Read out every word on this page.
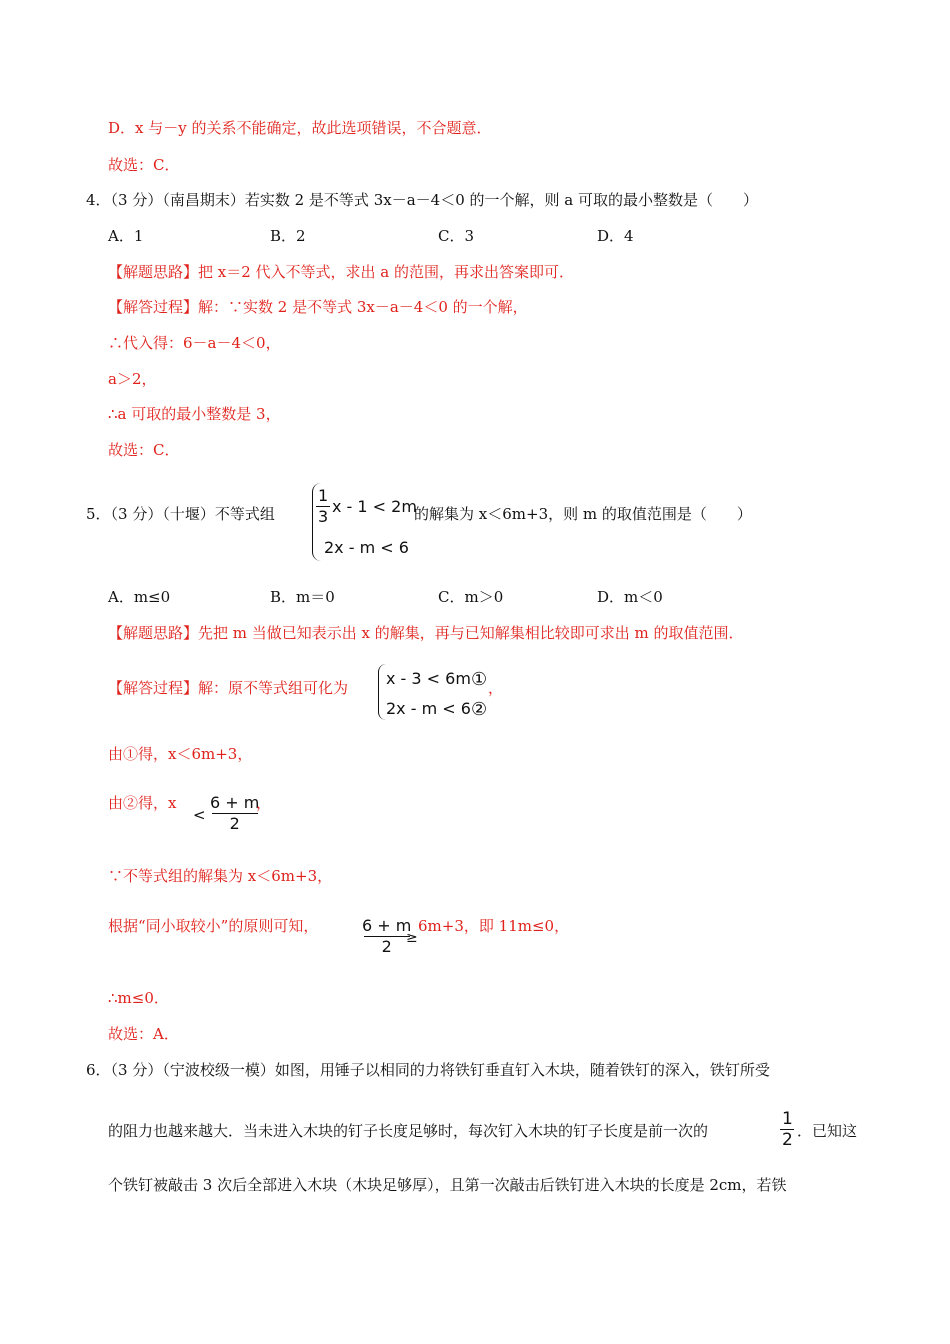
D．x 与－y 的关系不能确定，故此选项错误，不合题意．
故选：C．
4．（3 分）（南昌期末）若实数 2 是不等式 3x－a－4＜0 的一个解，则 a 可取的最小整数是（　　）
A．1	B．2	C．3	D．4
【解题思路】把 x＝2 代入不等式，求出 a 的范围，再求出答案即可．
【解答过程】解：∵实数 2 是不等式 3x－a－4＜0 的一个解，
∴代入得：6－a－4＜0，
a＞2，
∴a 可取的最小整数是 3，
故选：C．
5．（3 分）（十堰）不等式组
1
3
x - 1 < 2m
2x - m < 6
的解集为 x＜6m+3，则 m 的取值范围是（　　）
A．m≤0	B．m＝0	C．m＞0	D．m＜0
【解题思路】先把 m 当做已知表示出 x 的解集，再与已知解集相比较即可求出 m 的取值范围．
【解答过程】解：原不等式组可化为 x - 3 < 6m①
2x - m < 6②
，
由①得，x＜6m+3，
由②得，x
<
6 + m
2
，
∵不等式组的解集为 x＜6m+3，
根据“同小取较小”的原则可知，	6 + m
2 ≥
6m+3，即 11m≤0，
∴m≤0．
故选：A．
6．（3 分）（宁波校级一模）如图，用锤子以相同的力将铁钉垂直钉入木块，随着铁钉的深入，铁钉所受
的阻力也越来越大．当未进入木块的钉子长度足够时，每次钉入木块的钉子长度是前一次的
1
2 ．已知这
个铁钉被敲击 3 次后全部进入木块（木块足够厚），且第一次敲击后铁钉进入木块的长度是 2cm，若铁
